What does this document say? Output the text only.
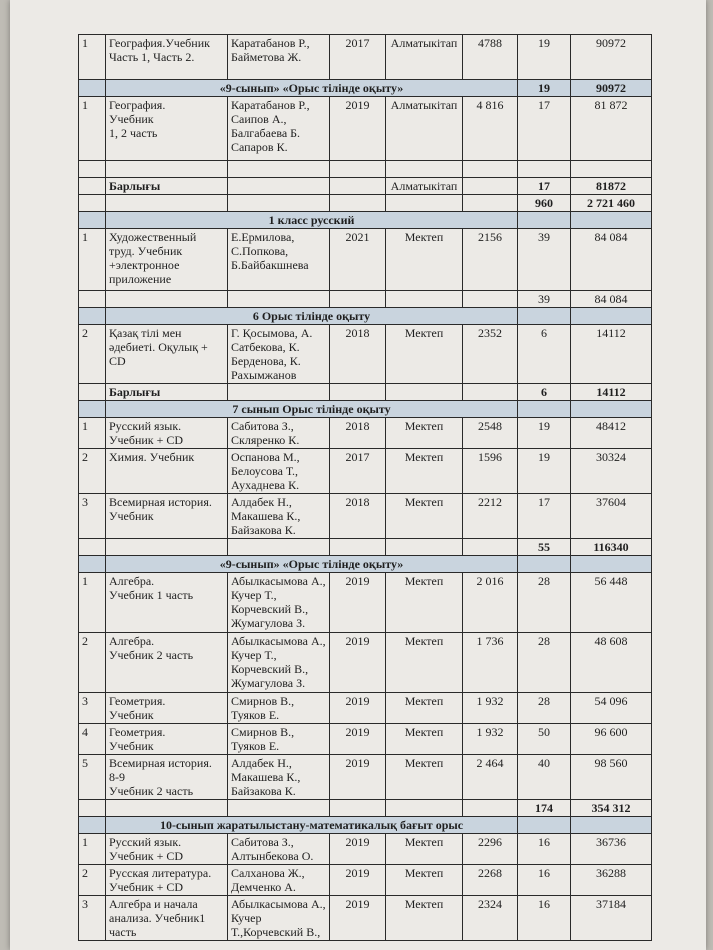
1	География.Учебник
Часть 1, Часть 2.	Каратабанов Р.,
Байметова Ж.	2017	Алматыкітап	4788	19	90972
	«9-сынып» «Орыс тілінде оқыту»					19	90972
1	География.
Учебник
1, 2 часть	Каратабанов Р.,
Саипов А.,
Балгабаева Б.
Сапаров К.	2019	Алматыкітап	4 816	17	81 872

	Барлығы			Алматыкітап		17	81872
						960	2 721 460
	1 класс русский						
1	Художественный
труд. Учебник
+электронное
приложение	Е.Ермилова,
С.Попкова,
Б.Байбакшнева	2021	Мектеп	2156	39	84 084
						39	84 084
	6 Орыс тілінде оқыту						
2	Қазақ тілі мен
әдебиеті. Оқулық +
CD	Г. Қосымова, А.
Сатбекова, К.
Берденова, К.
Рахымжанов	2018	Мектеп	2352	6	14112
	Барлығы					6	14112
	7 сынып Орыс тілінде оқыту						
1	Русский язык.
Учебник + CD	Сабитова З.,
Скляренко К.	2018	Мектеп	2548	19	48412
2	Химия. Учебник	Оспанова М.,
Белоусова Т.,
Ауxаднева К.	2017	Мектеп	1596	19	30324
3	Всемирная история.
Учебник	Алдабек Н.,
Макашева К.,
Байзакова К.	2018	Мектеп	2212	17	37604
						55	116340
	«9-сынып» «Орыс тілінде оқыту»						
1	Алгебра.
Учебник 1 часть	Абылкасымова А.,
Кучер Т.,
Корчевский В.,
Жумагулова З.	2019	Мектеп	2 016	28	56 448
2	Алгебра.
Учебник 2 часть	Абылкасымова А.,
Кучер Т.,
Корчевский В.,
Жумагулова З.	2019	Мектеп	1 736	28	48 608
3	Геометрия.
Учебник	Смирнов В.,
Туяков Е.	2019	Мектеп	1 932	28	54 096
4	Геометрия.
Учебник	Смирнов В.,
Туяков Е.	2019	Мектеп	1 932	50	96 600
5	Всемирная история.
8-9
Учебник 2 часть	Алдабек Н.,
Макашева К.,
Байзакова К.	2019	Мектеп	2 464	40	98 560
						174	354 312
	10-сынып жаратылыстану-математикалық бағыт орыс						
1	Русский язык.
Учебник + CD	Сабитова З.,
Алтынбекова О.	2019	Мектеп	2296	16	36736
2	Русская литература.
Учебник + CD	Салханова Ж.,
Демченко А.	2019	Мектеп	2268	16	36288
3	Алгебра и начала
анализа. Учебник1
часть	Абылкасымова А.,
Кучер
Т.,Корчевский В.,	2019	Мектеп	2324	16	37184
